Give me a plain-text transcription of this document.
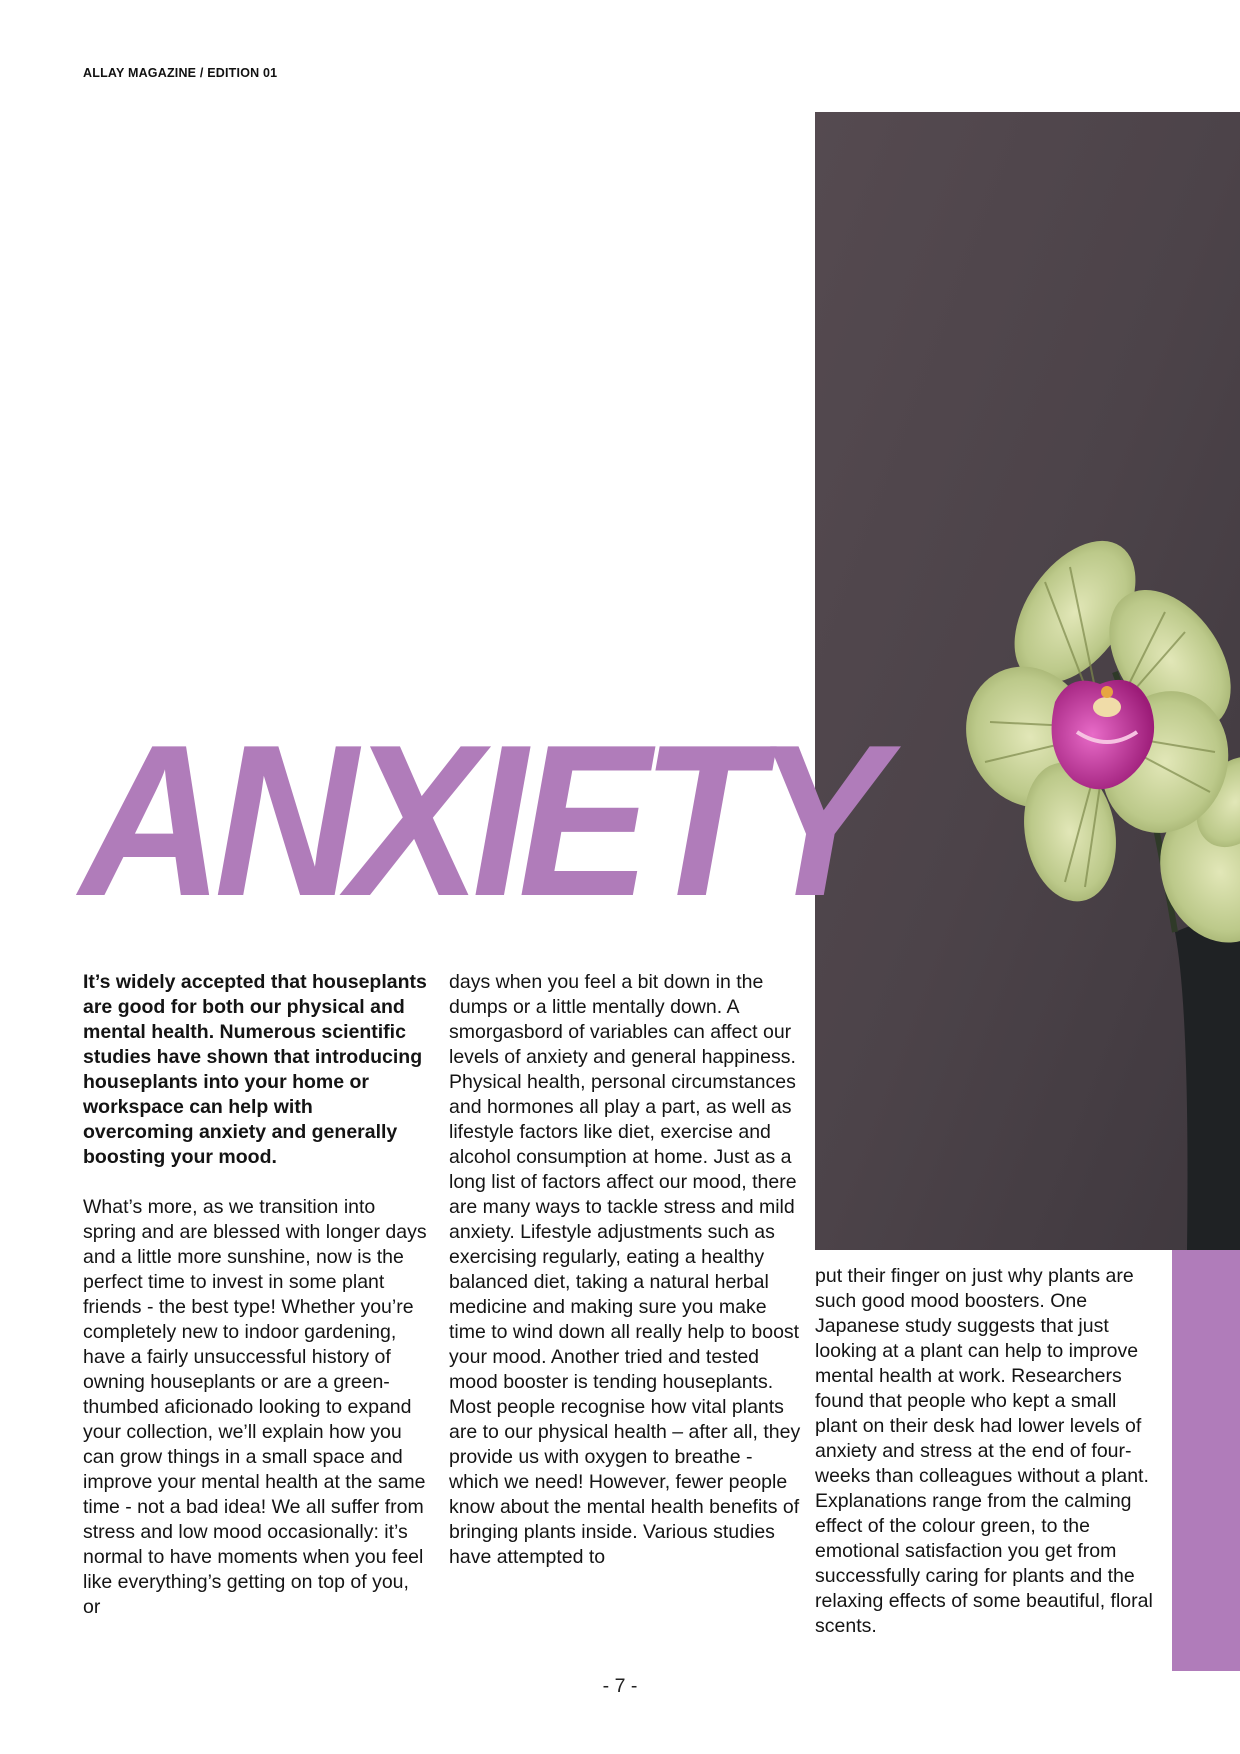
ALLAY MAGAZINE / EDITION 01
ANXIETY

It’s widely accepted that houseplants are good for both our physical and mental health. Numerous scientific studies have shown that introducing houseplants into your home or workspace can help with overcoming anxiety and generally boosting your mood.

What’s more, as we transition into spring and are blessed with longer days and a little more sunshine, now is the perfect time to invest in some plant friends - the best type! Whether you’re completely new to indoor gardening, have a fairly unsuccessful history of owning houseplants or are a green-thumbed aficionado looking to expand your collection, we’ll explain how you can grow things in a small space and improve your mental health at the same time - not a bad idea! We all suffer from stress and low mood occasionally: it’s normal to have moments when you feel like everything’s getting on top of you, or

days when you feel a bit down in the dumps or a little mentally down. A smorgasbord of variables can affect our levels of anxiety and general happiness. Physical health, personal circumstances and hormones all play a part, as well as lifestyle factors like diet, exercise and alcohol consumption at home. Just as a long list of factors affect our mood, there are many ways to tackle stress and mild anxiety. Lifestyle adjustments such as exercising regularly, eating a healthy balanced diet, taking a natural herbal medicine and making sure you make time to wind down all really help to boost your mood. Another tried and tested mood booster is tending houseplants. Most people recognise how vital plants are to our physical health – after all, they provide us with oxygen to breathe - which we need! However, fewer people know about the mental health benefits of bringing plants inside. Various studies have attempted to

put their finger on just why plants are such good mood boosters. One Japanese study suggests that just looking at a plant can help to improve mental health at work. Researchers found that people who kept a small plant on their desk had lower levels of anxiety and stress at the end of four-weeks than colleagues without a plant. Explanations range from the calming effect of the colour green, to the emotional satisfaction you get from successfully caring for plants and the relaxing effects of some beautiful, floral scents.

- 7 -
